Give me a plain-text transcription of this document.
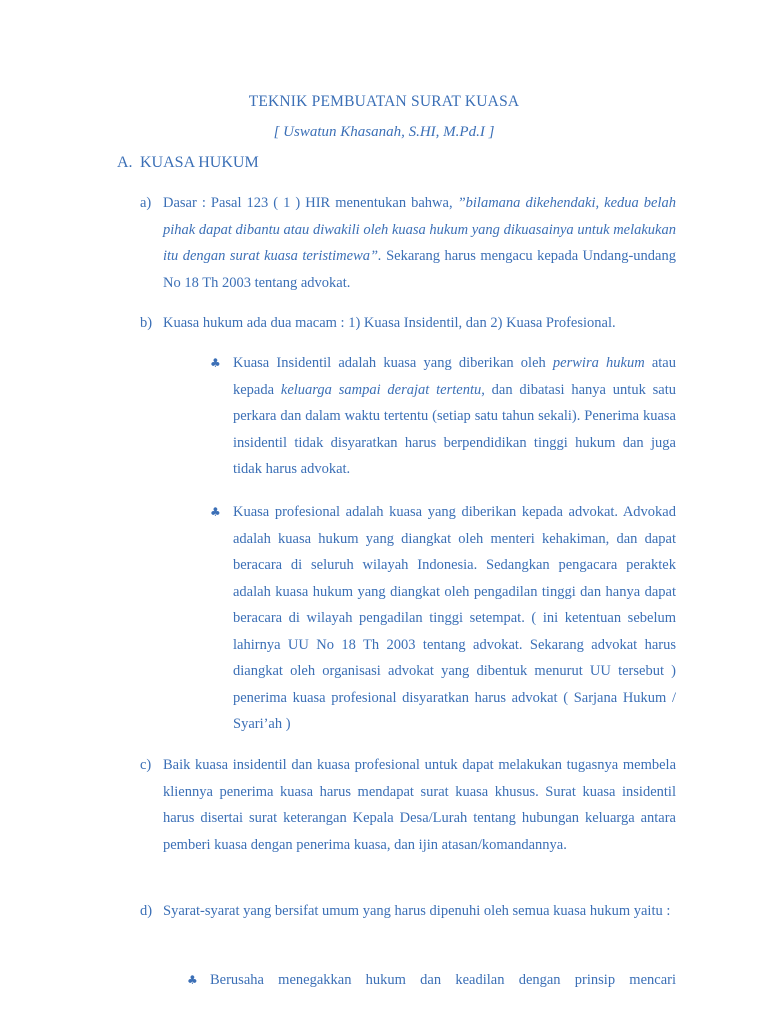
TEKNIK PEMBUATAN SURAT KUASA
[ Uswatun Khasanah, S.HI, M.Pd.I ]
A. KUASA HUKUM
a) Dasar : Pasal 123 ( 1 ) HIR menentukan bahwa, ”bilamana dikehendaki, kedua belah pihak dapat dibantu atau diwakili oleh kuasa hukum yang dikuasainya untuk melakukan itu dengan surat kuasa teristimewa”. Sekarang harus mengacu kepada Undang-undang No 18 Th 2003 tentang advokat.
b) Kuasa hukum ada dua macam : 1) Kuasa Insidentil, dan 2) Kuasa Profesional.
♣ Kuasa Insidentil adalah kuasa yang diberikan oleh perwira hukum atau kepada keluarga sampai derajat tertentu, dan dibatasi hanya untuk satu perkara dan dalam waktu tertentu (setiap satu tahun sekali). Penerima kuasa insidentil tidak disyaratkan harus berpendidikan tinggi hukum dan juga tidak harus advokat.
♣ Kuasa profesional adalah kuasa yang diberikan kepada advokat. Advokad adalah kuasa hukum yang diangkat oleh menteri kehakiman, dan dapat beracara di seluruh wilayah Indonesia. Sedangkan pengacara peraktek adalah kuasa hukum yang diangkat oleh pengadilan tinggi dan hanya dapat beracara di wilayah pengadilan tinggi setempat. ( ini ketentuan sebelum lahirnya UU No 18 Th 2003 tentang advokat. Sekarang advokat harus diangkat oleh organisasi advokat yang dibentuk menurut UU tersebut ) penerima kuasa profesional disyaratkan harus advokat ( Sarjana Hukum / Syari’ah )
c) Baik kuasa insidentil dan kuasa profesional untuk dapat melakukan tugasnya membela kliennya penerima kuasa harus mendapat surat kuasa khusus. Surat kuasa insidentil harus disertai surat keterangan Kepala Desa/Lurah tentang hubungan keluarga antara pemberi kuasa dengan penerima kuasa, dan ijin atasan/komandannya.
d) Syarat-syarat yang bersifat umum yang harus dipenuhi oleh semua kuasa hukum yaitu :
♣ Berusaha menegakkan hukum dan keadilan dengan prinsip mencari
